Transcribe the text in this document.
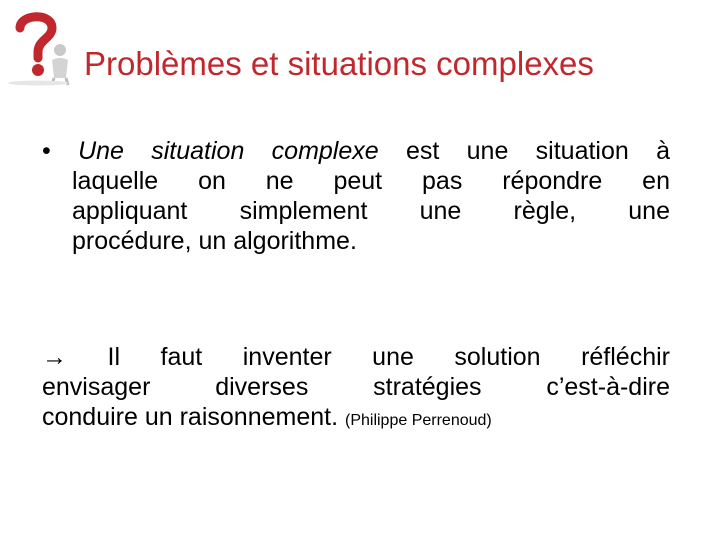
Problèmes et situations complexes
• Une situation complexe est une situation à
laquelle on ne peut pas répondre en
appliquant simplement une règle, une
procédure, un algorithme.
→ Il faut inventer une solution réfléchir
envisager diverses stratégies c’est-à-dire
conduire un raisonnement. (Philippe Perrenoud)
